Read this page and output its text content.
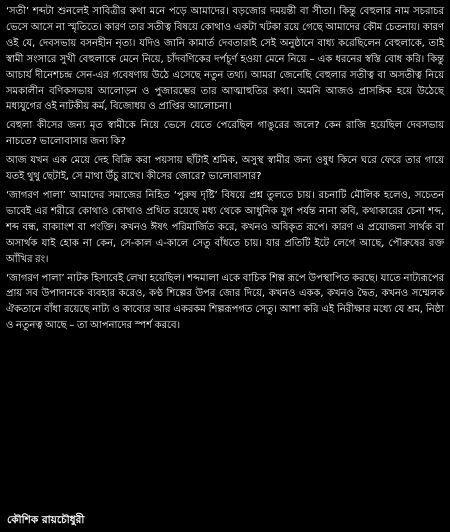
‘সতী’ শব্দটা শুনলেই সাবিত্রীর কথা মনে পড়ে আমাদের। বড়জোর দময়ন্তী বা সীতা। কিন্তু বেহুলার নাম সচরাচর ভেসে আসে না স্মৃতিতে। কারণ তার সতীত্ব বিষয়ে কোথাও একটা খটকা রয়ে গেছে আমাদের কৌম চেতনায়। কারণ ওই যে, দেবসভায় বসনহীন নৃত্য। যদিও জানি কামার্ত দেবতারাই সেই অনুষ্ঠানে বাধ্য করেছিলেন বেহুলাকে, তাই স্বামী সংসারে সুখী বেহুলাকে মেনে নিয়ে, চাঁদবণিকের দর্পচূর্ণ হওয়া মেনে নিয়ে – এক ধরনের স্বস্তি বোধ করি। কিন্তু আচার্য দীনেশচন্দ্র সেন-এর গবেষণায় উঠে এসেছে নতুন তথ্য। আমরা জেনেছি বেহুলার সতীত্ব বা অসতীত্ব নিয়ে সমকালীন বণিকসভায় আলোড়ন ও পুজারম্ভের তার আত্মাহুতির কথা। অমনি আজও প্রাসঙ্গিক হয়ে উঠেছে মধ্যযুগের ওই নাটকীয় কর্ম, বিজোধয় ও প্রাপ্তির আলোচনা।

বেহুলা কীসের জন্য মৃত স্বামীকে নিয়ে ভেসে যেতে পেরেছিল গাঙুরের জলে? কেন রাজি হয়েছিল দেবসভায় নাচতে? ভালোবাসার জন্য কি?

আজ যখন এক মেয়ে দেহ বিক্রি করা পয়সায় ছাঁটাই শ্রমিক, অসুস্থ স্বামীর জন্য ওষুধ কিনে ঘরে ফেরে তার গায়ে যতই থুথু ছেটাই, সে মাথা উঁচু রাখে। কীসের জোরে? ভালোবাসার?

‘জাগরণ পালা’ আমাদের সমাজের নিহিত ‘পুরুষ দৃষ্টি’ বিষয়ে প্রশ্ন তুলতে চায়। রচনাটি মৌলিক হলেও, সচেতন ভাবেই এর শরীরে কোথাও কোথাও প্রথিত রয়েছে মধ্য থেকে আধুনিক যুগ পর্যন্ত নানা কবি, কথাকারের চেনা শব্দ, শব্দ বন্ধ, বাক্যাংশ বা পংক্তি। কখনও ঈষৎ পরিমার্জিত করে, কখনও অবিকৃত রূপে। কারণ এ প্রযোজনা সার্থক বা অসার্থক যাই হোক না কেন, সে-কাল এ-কালে সেতু বাঁধতে চায়। যার প্রতিটি ইটে লেগে আছে, পৌরুষের রক্ত আঁখির রং।

‘জাগরণ পালা’ নাটক হিসাবেই লেখা হয়েছিল। শব্দমালা একে বাচিক শিল্প রূপে উপস্থাপিত করছে। যাতে নাট্যরূপের প্রায় সব উপাদানকে ব্যবহার করেও, কণ্ঠ শিল্পের উপর জোর দিয়ে, কখনও একক, কখনও দ্বৈত, কখনও সম্মেলক ঐকতানে বাঁধা রয়েছে নাট্য ও কাব্যের আর একরকম শিল্পরূপগত সেতু। আশা করি এই নিরীক্ষার মধ্যে যে শ্রম, নিষ্ঠা ও নতুনত্ব আছে – তা আপনাদের স্পর্শ করবে।

কৌশিক রায়চৌধুরী
